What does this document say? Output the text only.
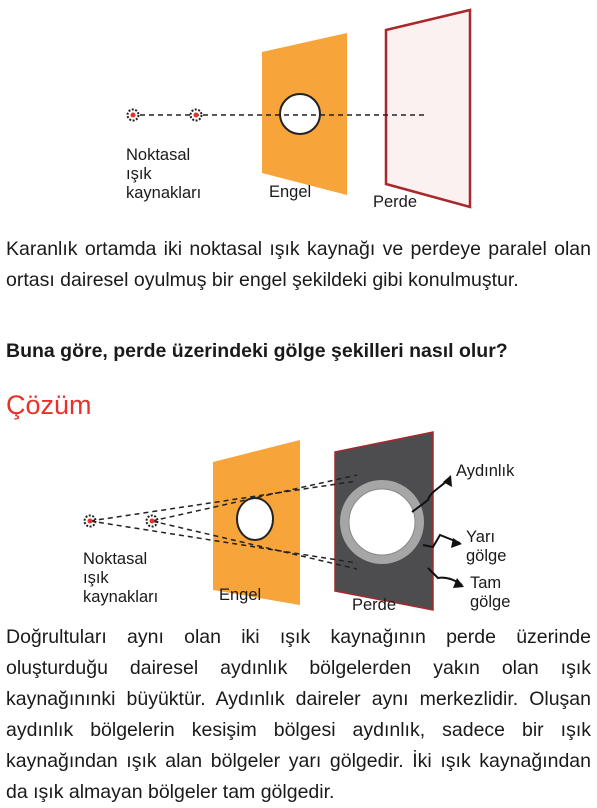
Noktasal
ışık
kaynakları	Engel
Perde

Karanlık ortamda iki noktasal ışık kaynağı ve perdeye paralel olan ortası dairesel oyulmuş bir engel şekildeki gibi konulmuştur.

Buna göre, perde üzerindeki gölge şekilleri nasıl olur?
Çözüm
Noktasal
ışık
kaynakları	Engel
Perde
Aydınlık
Yarı
gölge
Tam
gölge

Doğrultuları aynı olan iki ışık kaynağının perde üzerinde oluşturduğu dairesel aydınlık bölgelerden yakın olan ışık kaynağınınki büyüktür. Aydınlık daireler aynı merkezlidir. Oluşan aydınlık bölgelerin kesişim bölgesi aydınlık, sadece bir ışık kaynağından ışık alan bölgeler yarı gölgedir. İki ışık kaynağından da ışık almayan bölgeler tam gölgedir.
